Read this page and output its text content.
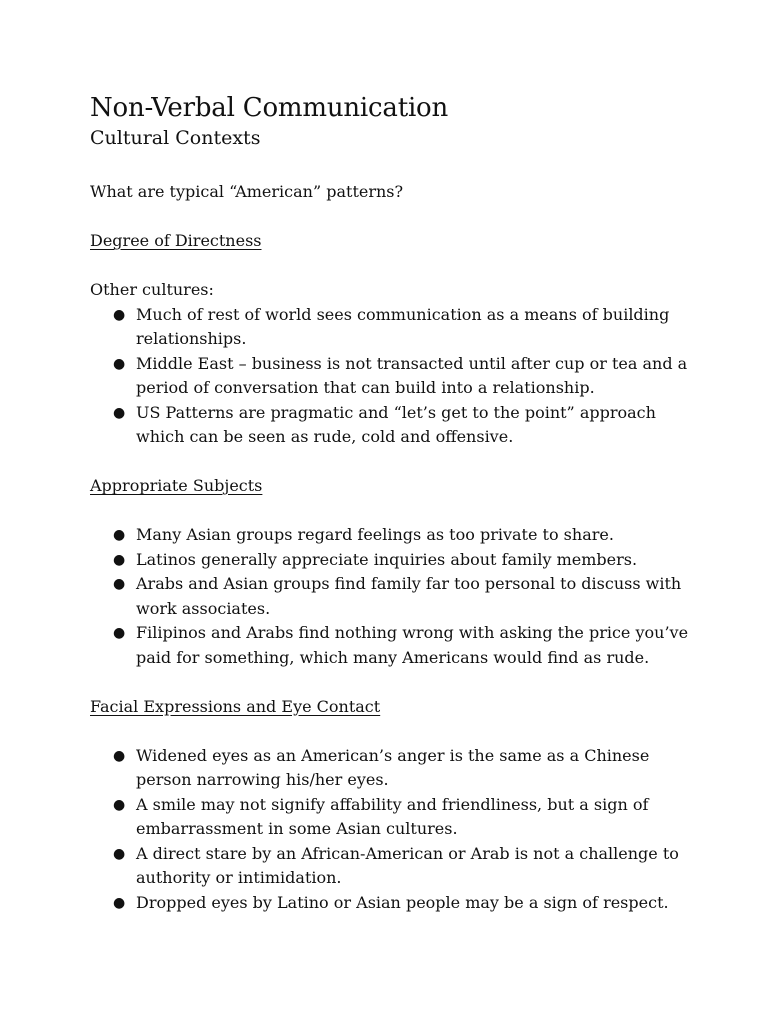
Non-Verbal Communication
Cultural Contexts

What are typical “American” patterns?

Degree of Directness

Other cultures:

● Much of rest of world sees communication as a means of building relationships.
● Middle East – business is not transacted until after cup or tea and a period of conversation that can build into a relationship.
● US Patterns are pragmatic and “let’s get to the point” approach which can be seen as rude, cold and offensive.

Appropriate Subjects

● Many Asian groups regard feelings as too private to share.
● Latinos generally appreciate inquiries about family members.
● Arabs and Asian groups find family far too personal to discuss with work associates.
● Filipinos and Arabs find nothing wrong with asking the price you’ve paid for something, which many Americans would find as rude.

Facial Expressions and Eye Contact

● Widened eyes as an American’s anger is the same as a Chinese person narrowing his/her eyes.
● A smile may not signify affability and friendliness, but a sign of embarrassment in some Asian cultures.
● A direct stare by an African-American or Arab is not a challenge to authority or intimidation.
● Dropped eyes by Latino or Asian people may be a sign of respect.
